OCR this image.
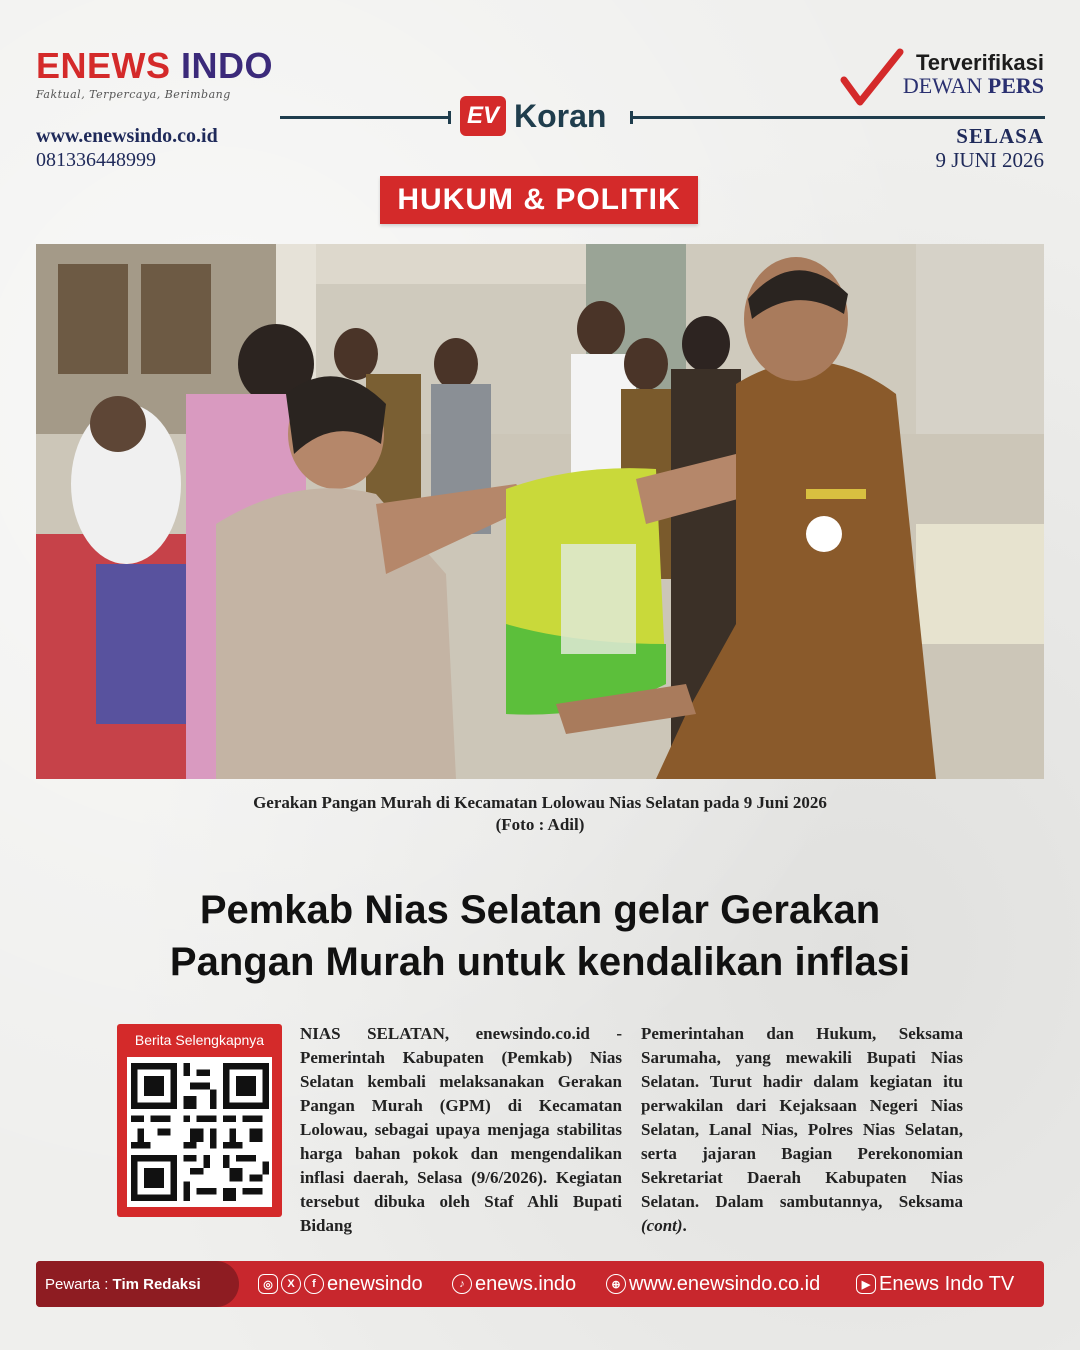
ENEWS INDO
Faktual, Terpercaya, Berimbang
www.enewsindo.co.id
081336448999
EV Koran
Terverifikasi
DEWAN PERS
SELASA
9 JUNI 2026
HUKUM & POLITIK
Gerakan Pangan Murah di Kecamatan Lolowau Nias Selatan pada 9 Juni 2026
(Foto : Adil)
Pemkab Nias Selatan gelar Gerakan
Pangan Murah untuk kendalikan inflasi
Berita Selengkapnya	NIAS SELATAN, enewsindo.co.id - Pemerintah Kabupaten (Pemkab) Nias Selatan kembali melaksanakan Gerakan Pangan Murah (GPM) di Kecamatan Lolowau, sebagai upaya menjaga stabilitas harga bahan pokok dan mengendalikan inflasi daerah, Selasa (9/6/2026). Kegiatan tersebut dibuka oleh Staf Ahli Bupati Bidang
Pemerintahan dan Hukum, Seksama Sarumaha, yang mewakili Bupati Nias Selatan. Turut hadir dalam kegiatan itu perwakilan dari Kejaksaan Negeri Nias Selatan, Lanal Nias, Polres Nias Selatan, serta jajaran Bagian Perekonomian Sekretariat Daerah Kabupaten Nias Selatan. Dalam sambutannya, Seksama (cont).
Pewarta :
Tim Redaksi	◎	X	f enewsindo	♪ enews.indo	⊕ www.enewsindo.co.id	▶ Enews Indo TV
